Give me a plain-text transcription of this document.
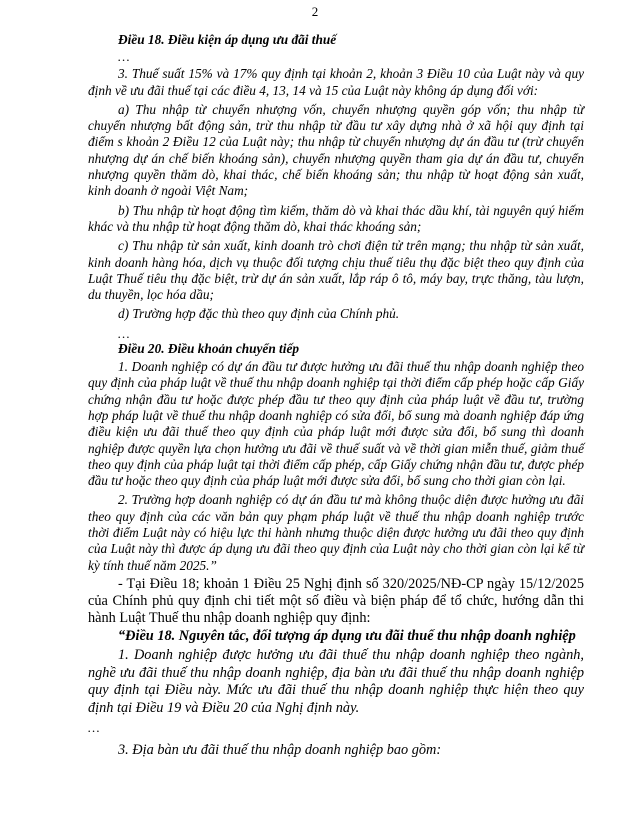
2

Điều 18. Điều kiện áp dụng ưu đãi thuế

…

3. Thuế suất 15% và 17% quy định tại khoản 2, khoản 3 Điều 10 của Luật này và quy định về ưu đãi thuế tại các điều 4, 13, 14 và 15 của Luật này không áp dụng đối với:

a) Thu nhập từ chuyển nhượng vốn, chuyển nhượng quyền góp vốn; thu nhập từ chuyển nhượng bất động sản, trừ thu nhập từ đầu tư xây dựng nhà ở xã hội quy định tại điểm s khoản 2 Điều 12 của Luật này; thu nhập từ chuyển nhượng dự án đầu tư (trừ chuyển nhượng dự án chế biến khoáng sản), chuyển nhượng quyền tham gia dự án đầu tư, chuyển nhượng quyền thăm dò, khai thác, chế biến khoáng sản; thu nhập từ hoạt động sản xuất, kinh doanh ở ngoài Việt Nam;

b) Thu nhập từ hoạt động tìm kiếm, thăm dò và khai thác dầu khí, tài nguyên quý hiếm khác và thu nhập từ hoạt động thăm dò, khai thác khoáng sản;

c) Thu nhập từ sản xuất, kinh doanh trò chơi điện tử trên mạng; thu nhập từ sản xuất, kinh doanh hàng hóa, dịch vụ thuộc đối tượng chịu thuế tiêu thụ đặc biệt theo quy định của Luật Thuế tiêu thụ đặc biệt, trừ dự án sản xuất, lắp ráp ô tô, máy bay, trực thăng, tàu lượn, du thuyền, lọc hóa dầu;

d) Trường hợp đặc thù theo quy định của Chính phủ.

…

Điều 20. Điều khoản chuyển tiếp

1. Doanh nghiệp có dự án đầu tư được hưởng ưu đãi thuế thu nhập doanh nghiệp theo quy định của pháp luật về thuế thu nhập doanh nghiệp tại thời điểm cấp phép hoặc cấp Giấy chứng nhận đầu tư hoặc được phép đầu tư theo quy định của pháp luật về đầu tư, trường hợp pháp luật về thuế thu nhập doanh nghiệp có sửa đổi, bổ sung mà doanh nghiệp đáp ứng điều kiện ưu đãi thuế theo quy định của pháp luật mới được sửa đổi, bổ sung thì doanh nghiệp được quyền lựa chọn hưởng ưu đãi về thuế suất và về thời gian miễn thuế, giảm thuế theo quy định của pháp luật tại thời điểm cấp phép, cấp Giấy chứng nhận đầu tư, được phép đầu tư hoặc theo quy định của pháp luật mới được sửa đổi, bổ sung cho thời gian còn lại.

2. Trường hợp doanh nghiệp có dự án đầu tư mà không thuộc diện được hưởng ưu đãi theo quy định của các văn bản quy phạm pháp luật về thuế thu nhập doanh nghiệp trước thời điểm Luật này có hiệu lực thi hành nhưng thuộc diện được hưởng ưu đãi theo quy định của Luật này thì được áp dụng ưu đãi theo quy định của Luật này cho thời gian còn lại kể từ kỳ tính thuế năm 2025.”

- Tại Điều 18; khoản 1 Điều 25 Nghị định số 320/2025/NĐ-CP ngày 15/12/2025 của Chính phủ quy định chi tiết một số điều và biện pháp để tổ chức, hướng dẫn thi hành Luật Thuế thu nhập doanh nghiệp quy định:

“Điều 18. Nguyên tắc, đối tượng áp dụng ưu đãi thuế thu nhập doanh nghiệp

1. Doanh nghiệp được hưởng ưu đãi thuế thu nhập doanh nghiệp theo ngành, nghề ưu đãi thuế thu nhập doanh nghiệp, địa bàn ưu đãi thuế thu nhập doanh nghiệp quy định tại Điều này. Mức ưu đãi thuế thu nhập doanh nghiệp thực hiện theo quy định tại Điều 19 và Điều 20 của Nghị định này.

…

3. Địa bàn ưu đãi thuế thu nhập doanh nghiệp bao gồm:
